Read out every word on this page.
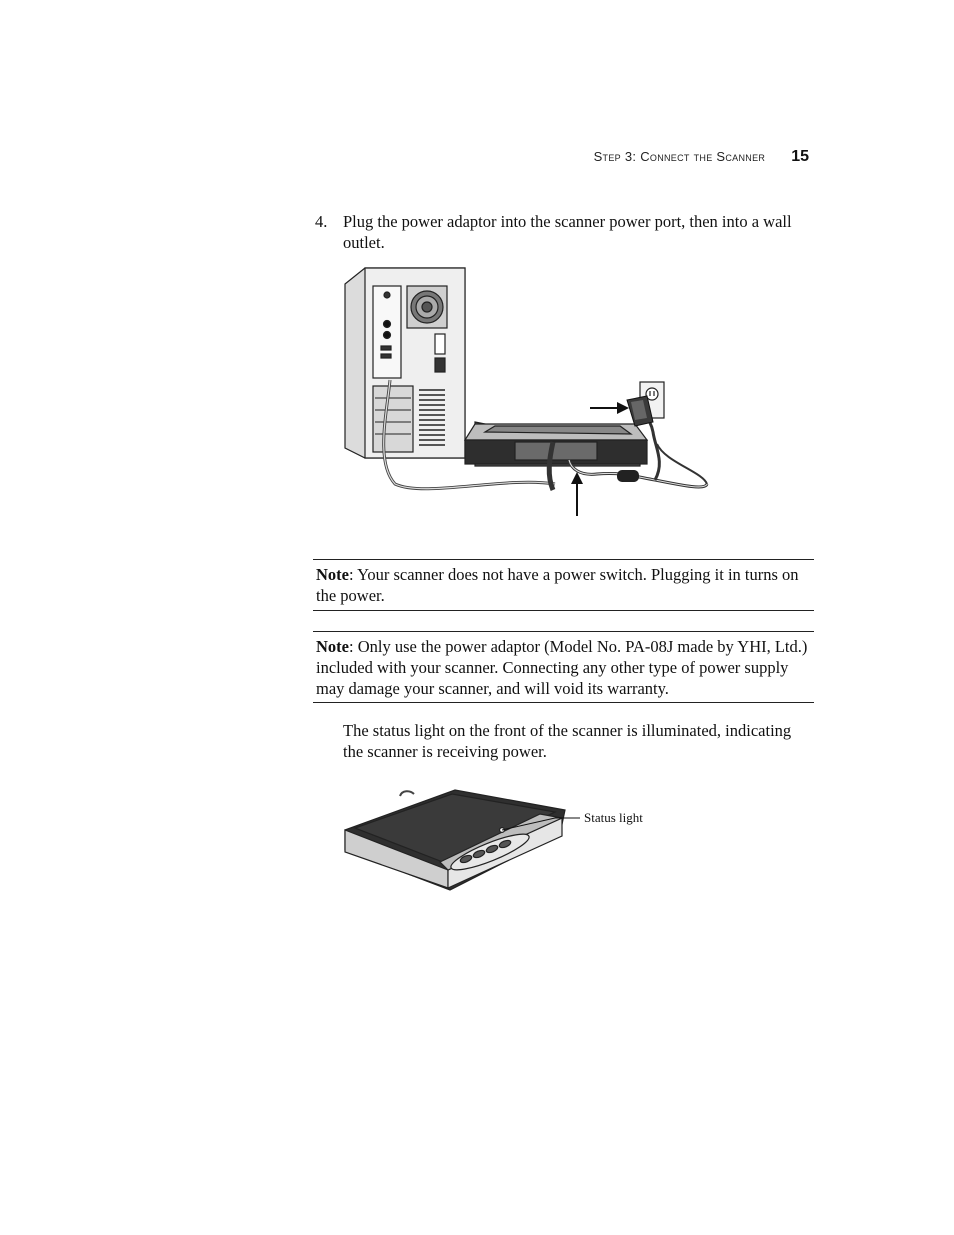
Step 3: Connect the Scanner 15
4. Plug the power adaptor into the scanner power port, then into a wall outlet.
Note: Your scanner does not have a power switch. Plugging it in turns on the power.
Note: Only use the power adaptor (Model No. PA-08J made by YHI, Ltd.) included with your scanner. Connecting any other type of power supply may damage your scanner, and will void its warranty.
The status light on the front of the scanner is illuminated, indicating the scanner is receiving power.
Status light
